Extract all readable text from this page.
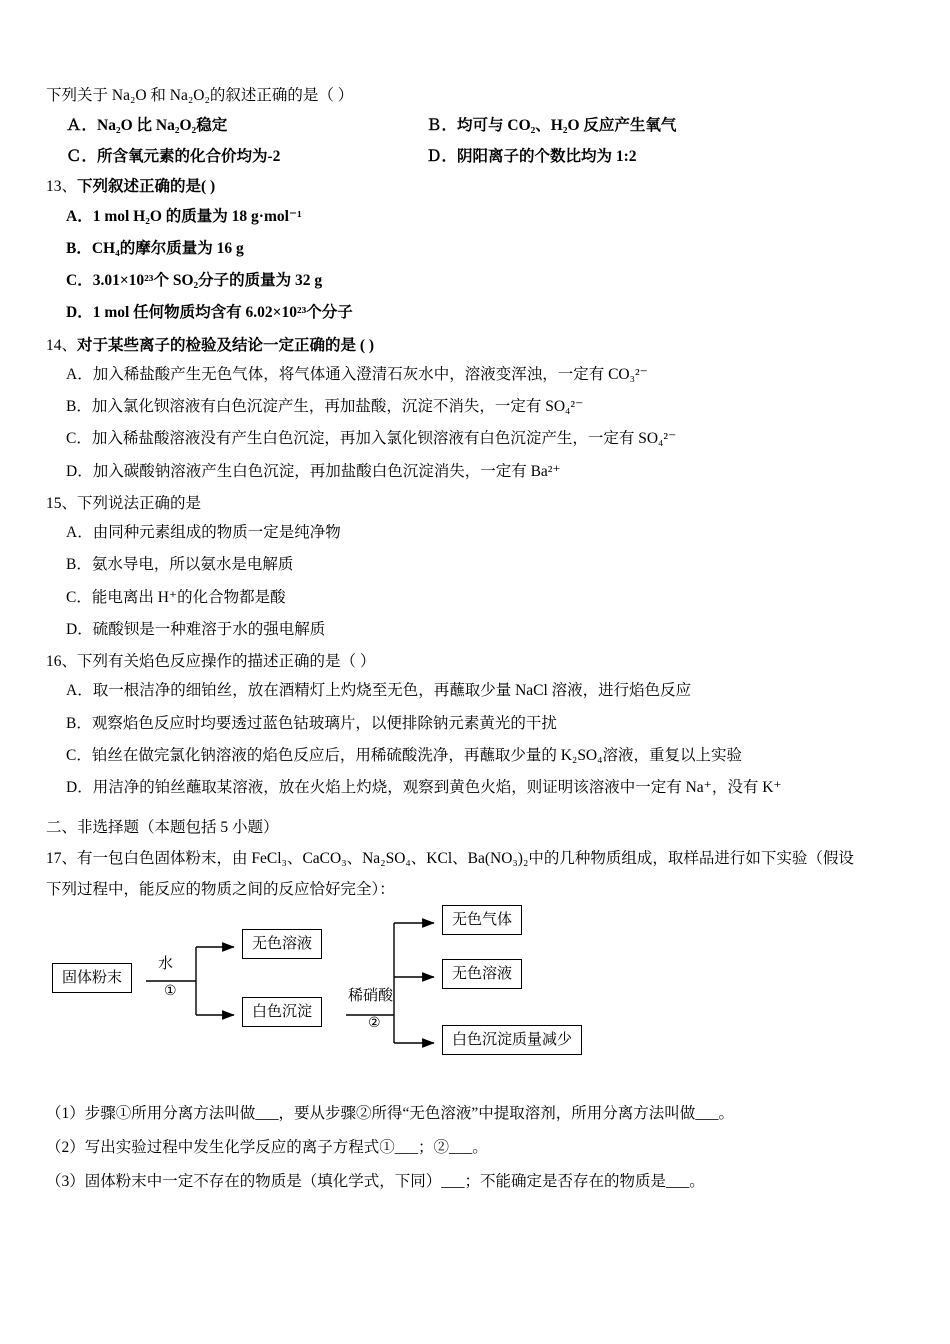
下列关于 Na₂O 和 Na₂O₂的叙述正确的是（ ）

Ａ．Na₂O 比 Na₂O₂稳定	Ｂ．均可与 CO₂、H₂O 反应产生氧气
Ｃ．所含氧元素的化合价均为-2	Ｄ．阴阳离子的个数比均为 1:2

13、下列叙述正确的是( )

A．1 mol H₂O 的质量为 18 g·mol⁻¹

B．CH₄的摩尔质量为 16 g

C．3.01×10²³个 SO₂分子的质量为 32 g

D．1 mol 任何物质均含有 6.02×10²³个分子

14、对于某些离子的检验及结论一定正确的是 ( )

A．加入稀盐酸产生无色气体，将气体通入澄清石灰水中，溶液变浑浊，一定有 CO₃²⁻

B．加入氯化钡溶液有白色沉淀产生，再加盐酸，沉淀不消失，一定有 SO₄²⁻

C．加入稀盐酸溶液没有产生白色沉淀，再加入氯化钡溶液有白色沉淀产生，一定有 SO₄²⁻

D．加入碳酸钠溶液产生白色沉淀，再加盐酸白色沉淀消失，一定有 Ba²⁺

15、下列说法正确的是

A．由同种元素组成的物质一定是纯净物

B．氨水导电，所以氨水是电解质

C．能电离出 H⁺的化合物都是酸

D．硫酸钡是一种难溶于水的强电解质

16、下列有关焰色反应操作的描述正确的是（ ）

A．取一根洁净的细铂丝，放在酒精灯上灼烧至无色，再蘸取少量 NaCl 溶液，进行焰色反应

B．观察焰色反应时均要透过蓝色钴玻璃片，以便排除钠元素黄光的干扰

C．铂丝在做完氯化钠溶液的焰色反应后，用稀硫酸洗净，再蘸取少量的 K₂SO₄溶液，重复以上实验

D．用洁净的铂丝蘸取某溶液，放在火焰上灼烧，观察到黄色火焰，则证明该溶液中一定有 Na⁺，没有 K⁺

二、非选择题（本题包括 5 小题）

17、有一包白色固体粉末，由 FeCl₃、CaCO₃、Na₂SO₄、KCl、Ba(NO₃)₂中的几种物质组成，取样品进行如下实验（假设

下列过程中，能反应的物质之间的反应恰好完全）：

固体粉末
水
①
无色溶液
白色沉淀
稀硝酸
②
无色气体
无色溶液
白色沉淀质量减少

（1）步骤①所用分离方法叫做___，要从步骤②所得“无色溶液”中提取溶剂，所用分离方法叫做___。

（2）写出实验过程中发生化学反应的离子方程式①___；②___。

（3）固体粉末中一定不存在的物质是（填化学式，下同）___；不能确定是否存在的物质是___。
